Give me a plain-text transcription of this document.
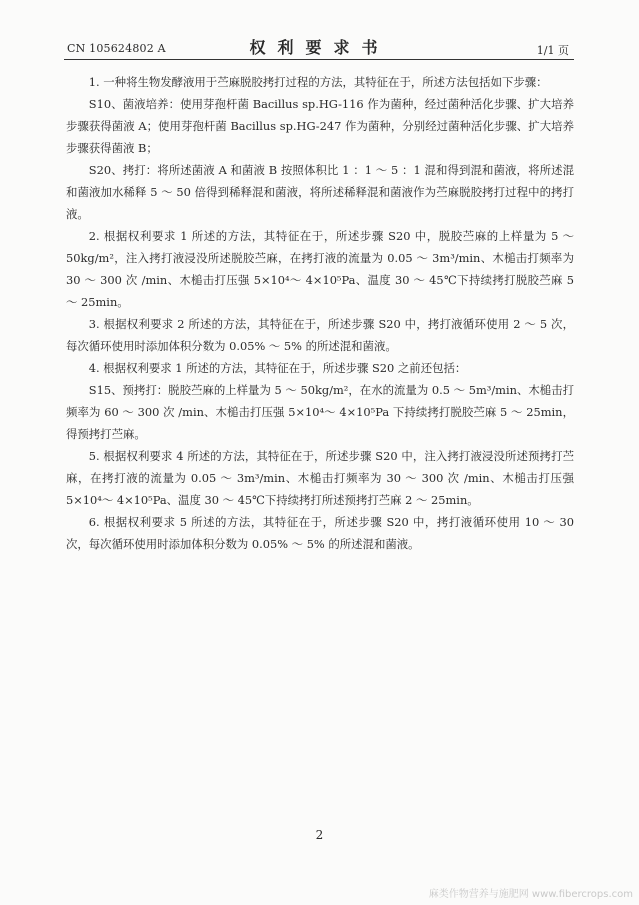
CN 105624802 A	权利要求书	1/1 页

1. 一种将生物发酵液用于苎麻脱胶拷打过程的方法，其特征在于，所述方法包括如下步骤：

S10、菌液培养：使用芽孢杆菌 Bacillus sp.HG-116 作为菌种，经过菌种活化步骤、扩大培养步骤获得菌液 A；使用芽孢杆菌 Bacillus sp.HG-247 作为菌种，分别经过菌种活化步骤、扩大培养步骤获得菌液 B；

S20、拷打：将所述菌液 A 和菌液 B 按照体积比 1 ：1 ～ 5 ：1 混和得到混和菌液，将所述混和菌液加水稀释 5 ～ 50 倍得到稀释混和菌液，将所述稀释混和菌液作为苎麻脱胶拷打过程中的拷打液。

2. 根据权利要求 1 所述的方法，其特征在于，所述步骤 S20 中，脱胶苎麻的上样量为 5 ～ 50kg/m²，注入拷打液浸没所述脱胶苎麻，在拷打液的流量为 0.05 ～ 3m³/min、木槌击打频率为 30 ～ 300 次 /min、木槌击打压强 5×10⁴～ 4×10⁵Pa、温度 30 ～ 45℃下持续拷打脱胶苎麻 5 ～ 25min。

3. 根据权利要求 2 所述的方法，其特征在于，所述步骤 S20 中，拷打液循环使用 2 ～ 5 次，每次循环使用时添加体积分数为 0.05% ～ 5% 的所述混和菌液。

4. 根据权利要求 1 所述的方法，其特征在于，所述步骤 S20 之前还包括：

S15、预拷打：脱胶苎麻的上样量为 5 ～ 50kg/m²，在水的流量为 0.5 ～ 5m³/min、木槌击打频率为 60 ～ 300 次 /min、木槌击打压强 5×10⁴～ 4×10⁵Pa 下持续拷打脱胶苎麻 5 ～ 25min，得预拷打苎麻。

5. 根据权利要求 4 所述的方法，其特征在于，所述步骤 S20 中，注入拷打液浸没所述预拷打苎麻，在拷打液的流量为 0.05 ～ 3m³/min、木槌击打频率为 30 ～ 300 次 /min、木槌击打压强 5×10⁴～ 4×10⁵Pa、温度 30 ～ 45℃下持续拷打所述预拷打苎麻 2 ～ 25min。

6. 根据权利要求 5 所述的方法，其特征在于，所述步骤 S20 中，拷打液循环使用 10 ～ 30 次，每次循环使用时添加体积分数为 0.05% ～ 5% 的所述混和菌液。

2
麻类作物营养与施肥网 www.fibercrops.com
